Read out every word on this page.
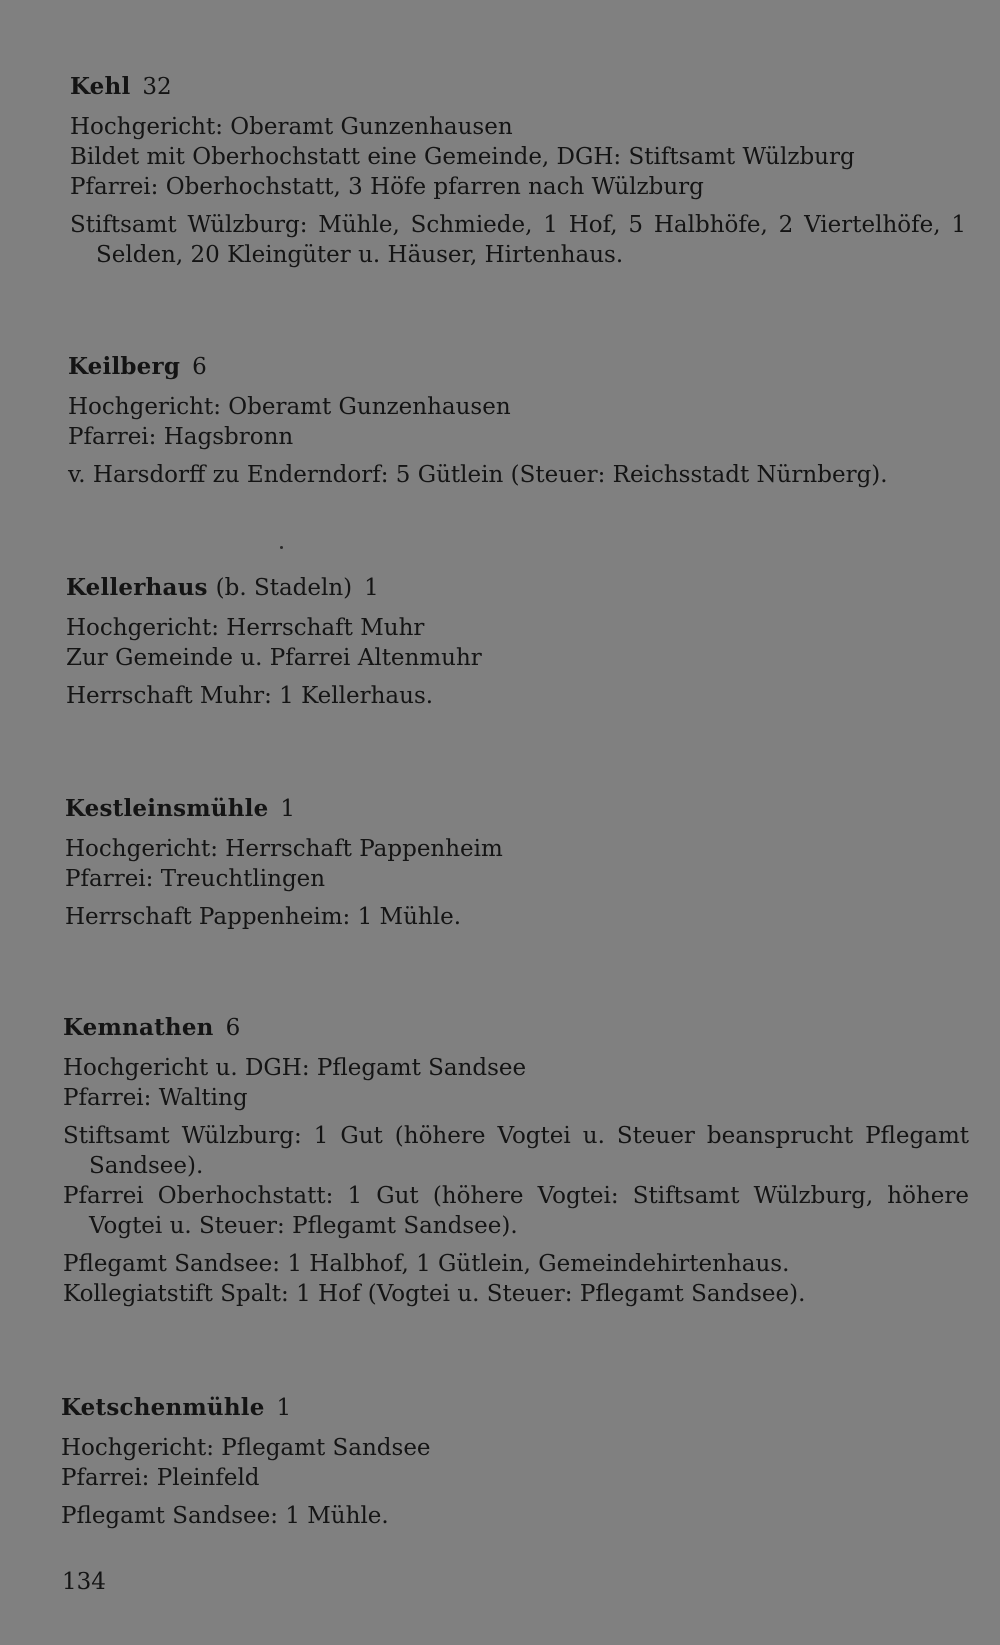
Kehl 32
Hochgericht: Oberamt Gunzenhausen
Bildet mit Oberhochstatt eine Gemeinde, DGH: Stiftsamt Wülzburg
Pfarrei: Oberhochstatt, 3 Höfe pfarren nach Wülzburg
Stiftsamt Wülzburg: Mühle, Schmiede, 1 Hof, 5 Halbhöfe, 2 Viertelhöfe, 1 Selden, 20 Kleingüter u. Häuser, Hirtenhaus.
Keilberg 6
Hochgericht: Oberamt Gunzenhausen
Pfarrei: Hagsbronn
v. Harsdorff zu Enderndorf: 5 Gütlein (Steuer: Reichsstadt Nürnberg).
Kellerhaus (b. Stadeln) 1
Hochgericht: Herrschaft Muhr
Zur Gemeinde u. Pfarrei Altenmuhr
Herrschaft Muhr: 1 Kellerhaus.
Kestleinsmühle 1
Hochgericht: Herrschaft Pappenheim
Pfarrei: Treuchtlingen
Herrschaft Pappenheim: 1 Mühle.
Kemnathen 6
Hochgericht u. DGH: Pflegamt Sandsee
Pfarrei: Walting
Stiftsamt Wülzburg: 1 Gut (höhere Vogtei u. Steuer beansprucht Pflegamt Sandsee).
Pfarrei Oberhochstatt: 1 Gut (höhere Vogtei: Stiftsamt Wülzburg, höhere Vogtei u. Steuer: Pflegamt Sandsee).
Pflegamt Sandsee: 1 Halbhof, 1 Gütlein, Gemeindehirtenhaus.
Kollegiatstift Spalt: 1 Hof (Vogtei u. Steuer: Pflegamt Sandsee).
Ketschenmühle 1
Hochgericht: Pflegamt Sandsee
Pfarrei: Pleinfeld
Pflegamt Sandsee: 1 Mühle.
134
